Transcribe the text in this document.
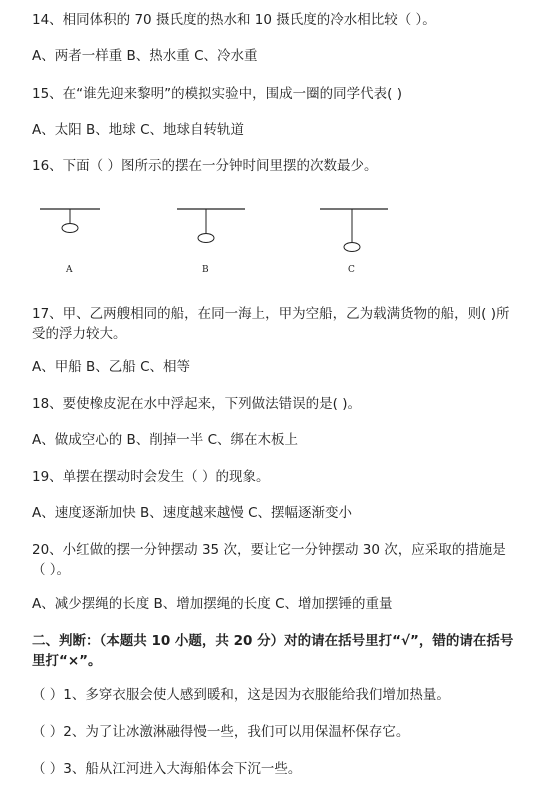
14、相同体积的 70 摄氏度的热水和 10 摄氏度的冷水相比较（ ）。
A、两者一样重 B、热水重 C、冷水重
15、在“谁先迎来黎明”的模拟实验中，围成一圈的同学代表( )
A、太阳 B、地球 C、地球自转轨道
16、下面（ ）图所示的摆在一分钟时间里摆的次数最少。
A	B	C
17、甲、乙两艘相同的船，在同一海上，甲为空船，乙为载满货物的船，则( )所受的浮力较大。
A、甲船 B、乙船 C、相等
18、要使橡皮泥在水中浮起来，下列做法错误的是( )。
A、做成空心的 B、削掉一半 C、绑在木板上
19、单摆在摆动时会发生（ ）的现象。
A、速度逐渐加快 B、速度越来越慢 C、摆幅逐渐变小
20、小红做的摆一分钟摆动 35 次，要让它一分钟摆动 30 次，应采取的措施是（ ）。
A、减少摆绳的长度 B、增加摆绳的长度 C、增加摆锤的重量
二、判断：（本题共 10 小题，共 20 分）对的请在括号里打“√”，错的请在括号里打“×”。
（ ）1、多穿衣服会使人感到暖和，这是因为衣服能给我们增加热量。
（ ）2、为了让冰激淋融得慢一些，我们可以用保温杯保存它。
（ ）3、船从江河进入大海船体会下沉一些。
